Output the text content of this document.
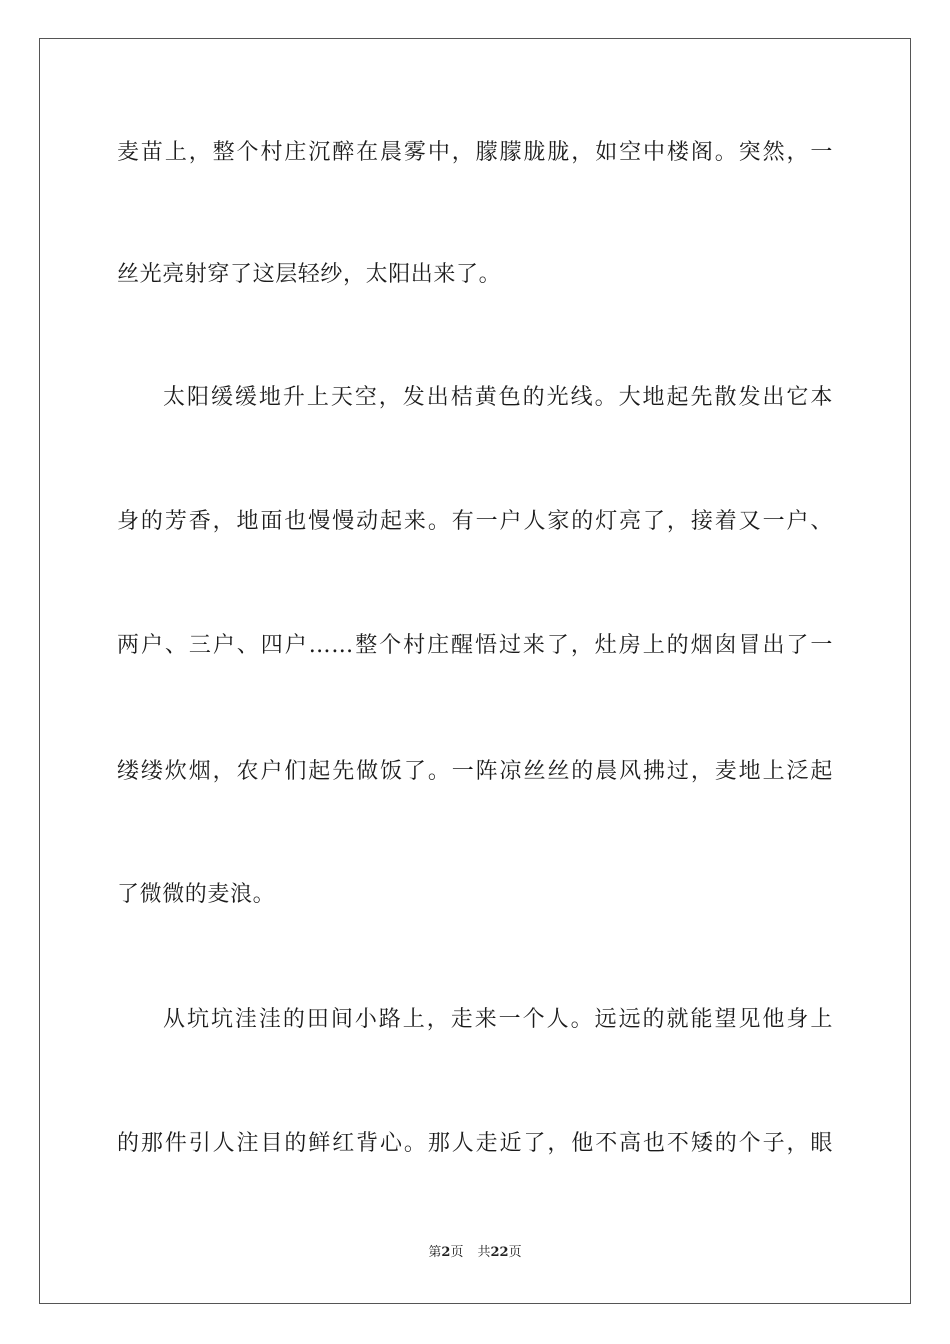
麦苗上，整个村庄沉醉在晨雾中，朦朦胧胧，如空中楼阁。突然，一
丝光亮射穿了这层轻纱，太阳出来了。
太阳缓缓地升上天空，发出桔黄色的光线。大地起先散发出它本
身的芳香，地面也慢慢动起来。有一户人家的灯亮了，接着又一户、
两户、三户、四户……整个村庄醒悟过来了，灶房上的烟囱冒出了一
缕缕炊烟，农户们起先做饭了。一阵凉丝丝的晨风拂过，麦地上泛起
了微微的麦浪。
从坑坑洼洼的田间小路上，走来一个人。远远的就能望见他身上
的那件引人注目的鲜红背心。那人走近了，他不高也不矮的个子，眼
第2页 共22页
